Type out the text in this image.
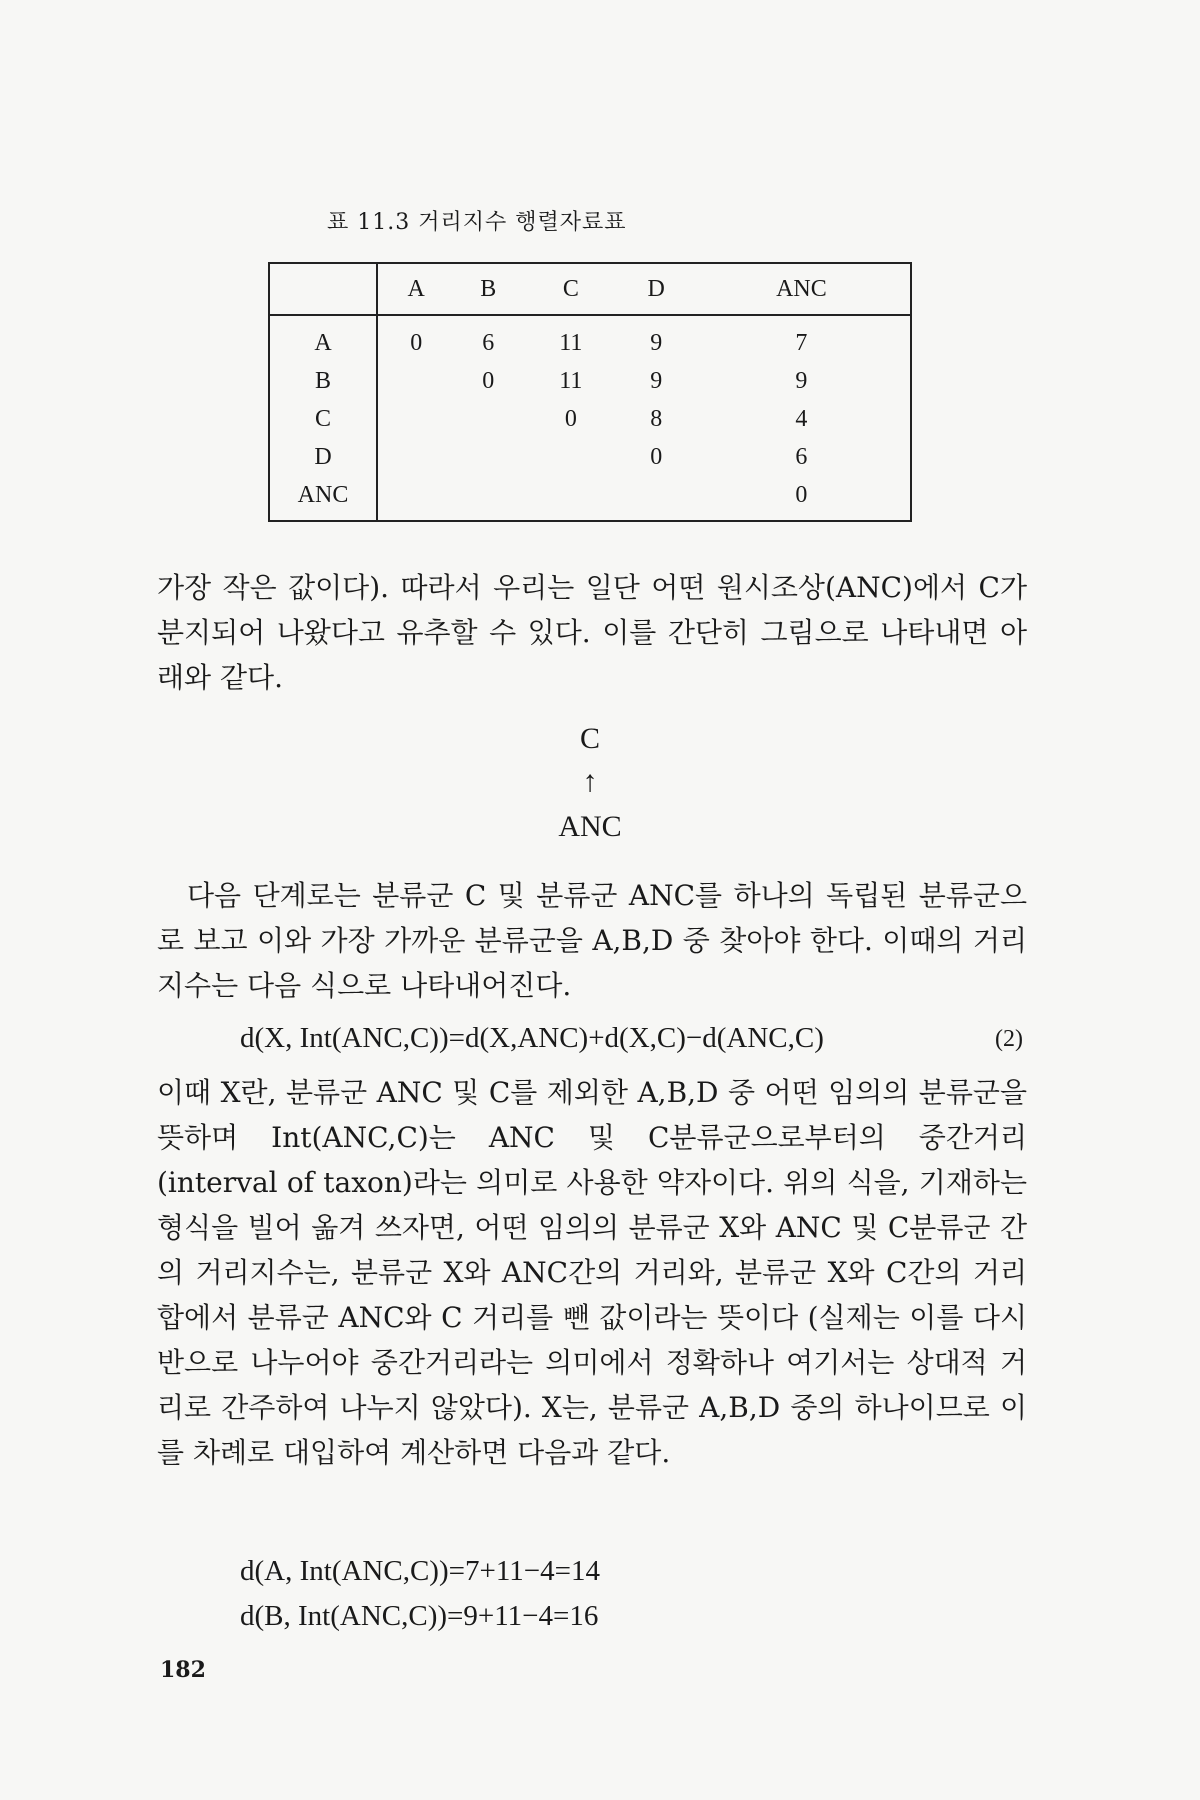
표 11.3 거리지수 행렬자료표
	A	B	C	D	ANC
A	0	6	11	9	7
B		0	11	9	9
C			0	8	4
D				0	6
ANC					0
가장 작은 값이다). 따라서 우리는 일단 어떤 원시조상(ANC)에서 C가 분지되어 나왔다고 유추할 수 있다. 이를 간단히 그림으로 나타내면 아래와 같다.
C
↑
ANC
다음 단계로는 분류군 C 및 분류군 ANC를 하나의 독립된 분류군으로 보고 이와 가장 가까운 분류군을 A,B,D 중 찾아야 한다. 이때의 거리지수는 다음 식으로 나타내어진다.
d(X, Int(ANC,C))=d(X,ANC)+d(X,C)−d(ANC,C)	(2)
이때 X란, 분류군 ANC 및 C를 제외한 A,B,D 중 어떤 임의의 분류군을 뜻하며 Int(ANC,C)는 ANC 및 C분류군으로부터의 중간거리(interval of taxon)라는 의미로 사용한 약자이다. 위의 식을, 기재하는 형식을 빌어 옮겨 쓰자면, 어떤 임의의 분류군 X와 ANC 및 C분류군 간의 거리지수는, 분류군 X와 ANC간의 거리와, 분류군 X와 C간의 거리 합에서 분류군 ANC와 C 거리를 뺀 값이라는 뜻이다 (실제는 이를 다시 반으로 나누어야 중간거리라는 의미에서 정확하나 여기서는 상대적 거리로 간주하여 나누지 않았다). X는, 분류군 A,B,D 중의 하나이므로 이를 차례로 대입하여 계산하면 다음과 같다.
d(A, Int(ANC,C))=7+11−4=14
d(B, Int(ANC,C))=9+11−4=16
182
